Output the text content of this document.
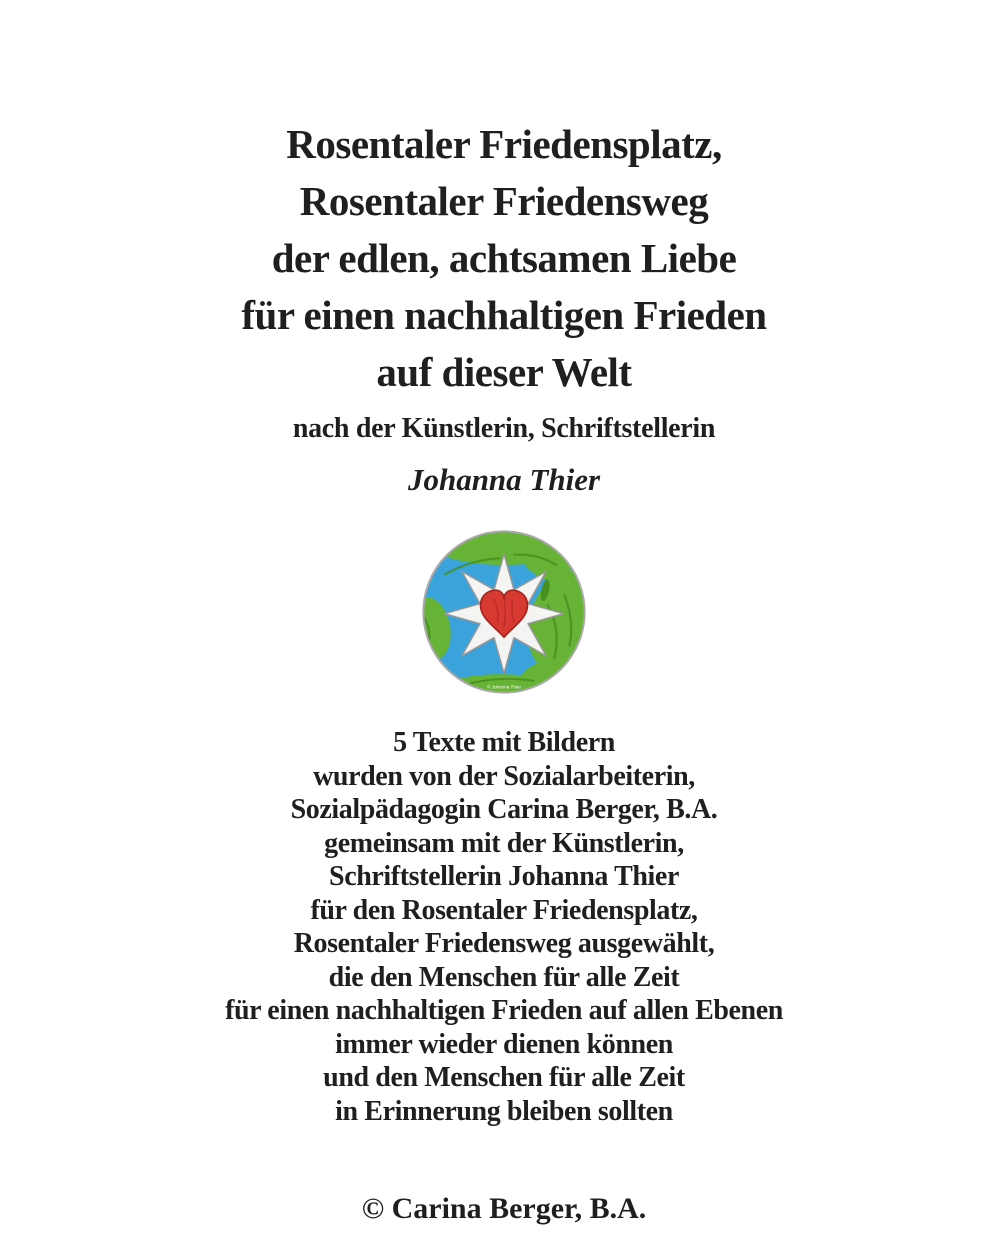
Rosentaler Friedensplatz,
Rosentaler Friedensweg
der edlen, achtsamen Liebe
für einen nachhaltigen Frieden
auf dieser Welt
nach der Künstlerin, Schriftstellerin
Johanna Thier
© Johanna Thier
5 Texte mit Bildern
wurden von der Sozialarbeiterin,
Sozialpädagogin Carina Berger, B.A.
gemeinsam mit der Künstlerin,
Schriftstellerin Johanna Thier
für den Rosentaler Friedensplatz,
Rosentaler Friedensweg ausgewählt,
die den Menschen für alle Zeit
für einen nachhaltigen Frieden auf allen Ebenen
immer wieder dienen können
und den Menschen für alle Zeit
in Erinnerung bleiben sollten
© Carina Berger, B.A.
